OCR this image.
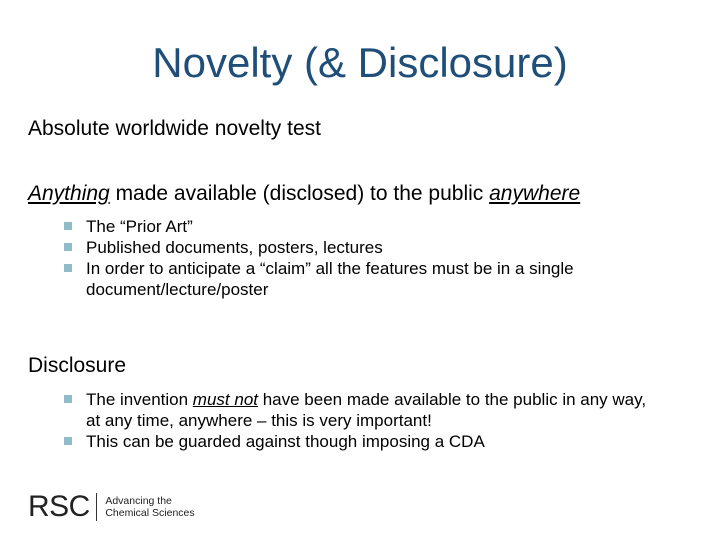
Novelty (& Disclosure)

Absolute worldwide novelty test

Anything made available (disclosed) to the public anywhere

The “Prior Art”
Published documents, posters, lectures
In order to anticipate a “claim” all the features must be in a single document/lecture/poster

Disclosure

The invention must not have been made available to the public in any way, at any time, anywhere – this is very important!
This can be guarded against though imposing a CDA
RSC Advancing the
Chemical Sciences
